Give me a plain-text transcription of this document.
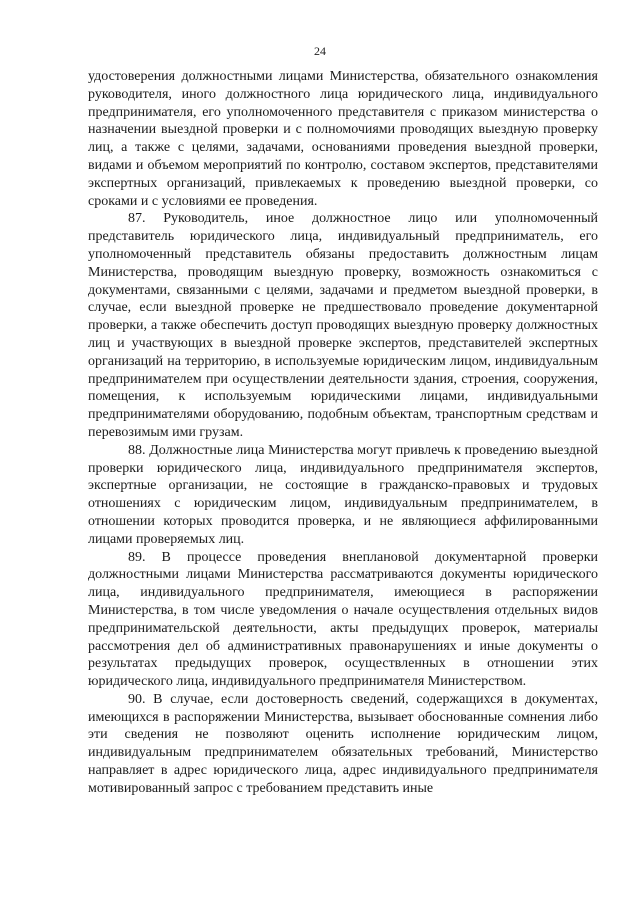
24

удостоверения должностными лицами Министерства, обязательного ознакомления руководителя, иного должностного лица юридического лица, индивидуального предпринимателя, его уполномоченного представителя с приказом министерства о назначении выездной проверки и с полномочиями проводящих выездную проверку лиц, а также с целями, задачами, основаниями проведения выездной проверки, видами и объемом мероприятий по контролю, составом экспертов, представителями экспертных организаций, привлекаемых к проведению выездной проверки, со сроками и с условиями ее проведения.

87. Руководитель, иное должностное лицо или уполномоченный представитель юридического лица, индивидуальный предприниматель, его уполномоченный представитель обязаны предоставить должностным лицам Министерства, проводящим выездную проверку, возможность ознакомиться с документами, связанными с целями, задачами и предметом выездной проверки, в случае, если выездной проверке не предшествовало проведение документарной проверки, а также обеспечить доступ проводящих выездную проверку должностных лиц и участвующих в выездной проверке экспертов, представителей экспертных организаций на территорию, в используемые юридическим лицом, индивидуальным предпринимателем при осуществлении деятельности здания, строения, сооружения, помещения, к используемым юридическими лицами, индивидуальными предпринимателями оборудованию, подобным объектам, транспортным средствам и перевозимым ими грузам.

88. Должностные лица Министерства могут привлечь к проведению выездной проверки юридического лица, индивидуального предпринимателя экспертов, экспертные организации, не состоящие в гражданско-правовых и трудовых отношениях с юридическим лицом, индивидуальным предпринимателем, в отношении которых проводится проверка, и не являющиеся аффилированными лицами проверяемых лиц.

89. В процессе проведения внеплановой документарной проверки должностными лицами Министерства рассматриваются документы юридического лица, индивидуального предпринимателя, имеющиеся в распоряжении Министерства, в том числе уведомления о начале осуществления отдельных видов предпринимательской деятельности, акты предыдущих проверок, материалы рассмотрения дел об административных правонарушениях и иные документы о результатах предыдущих проверок, осуществленных в отношении этих юридического лица, индивидуального предпринимателя Министерством.

90. В случае, если достоверность сведений, содержащихся в документах, имеющихся в распоряжении Министерства, вызывает обоснованные сомнения либо эти сведения не позволяют оценить исполнение юридическим лицом, индивидуальным предпринимателем обязательных требований, Министерство направляет в адрес юридического лица, адрес индивидуального предпринимателя мотивированный запрос с требованием представить иные
